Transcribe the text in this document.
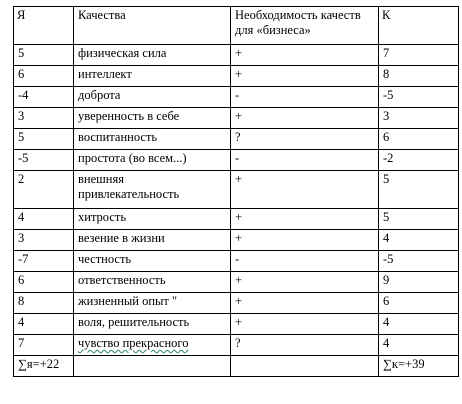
Я	Качества	Необходимость качеств для «бизнеса»	К
5	физическая сила	+	7
6	интеллект	+	8
-4	доброта	-	-5
3	уверенность в себе	+	3
5	воспитанность	?	6
-5	простота (во всем...)	-	-2
2	внешняя привлекательность	+	5
4	хитрость	+	5
3	везение в жизни	+	4
-7	честность	-	-5
6	ответственность	+	9
8	жизненный опыт "	+	6
4	воля, решительность	+	4
7	чувство прекрасного	?	4
∑я=+22			∑к=+39
